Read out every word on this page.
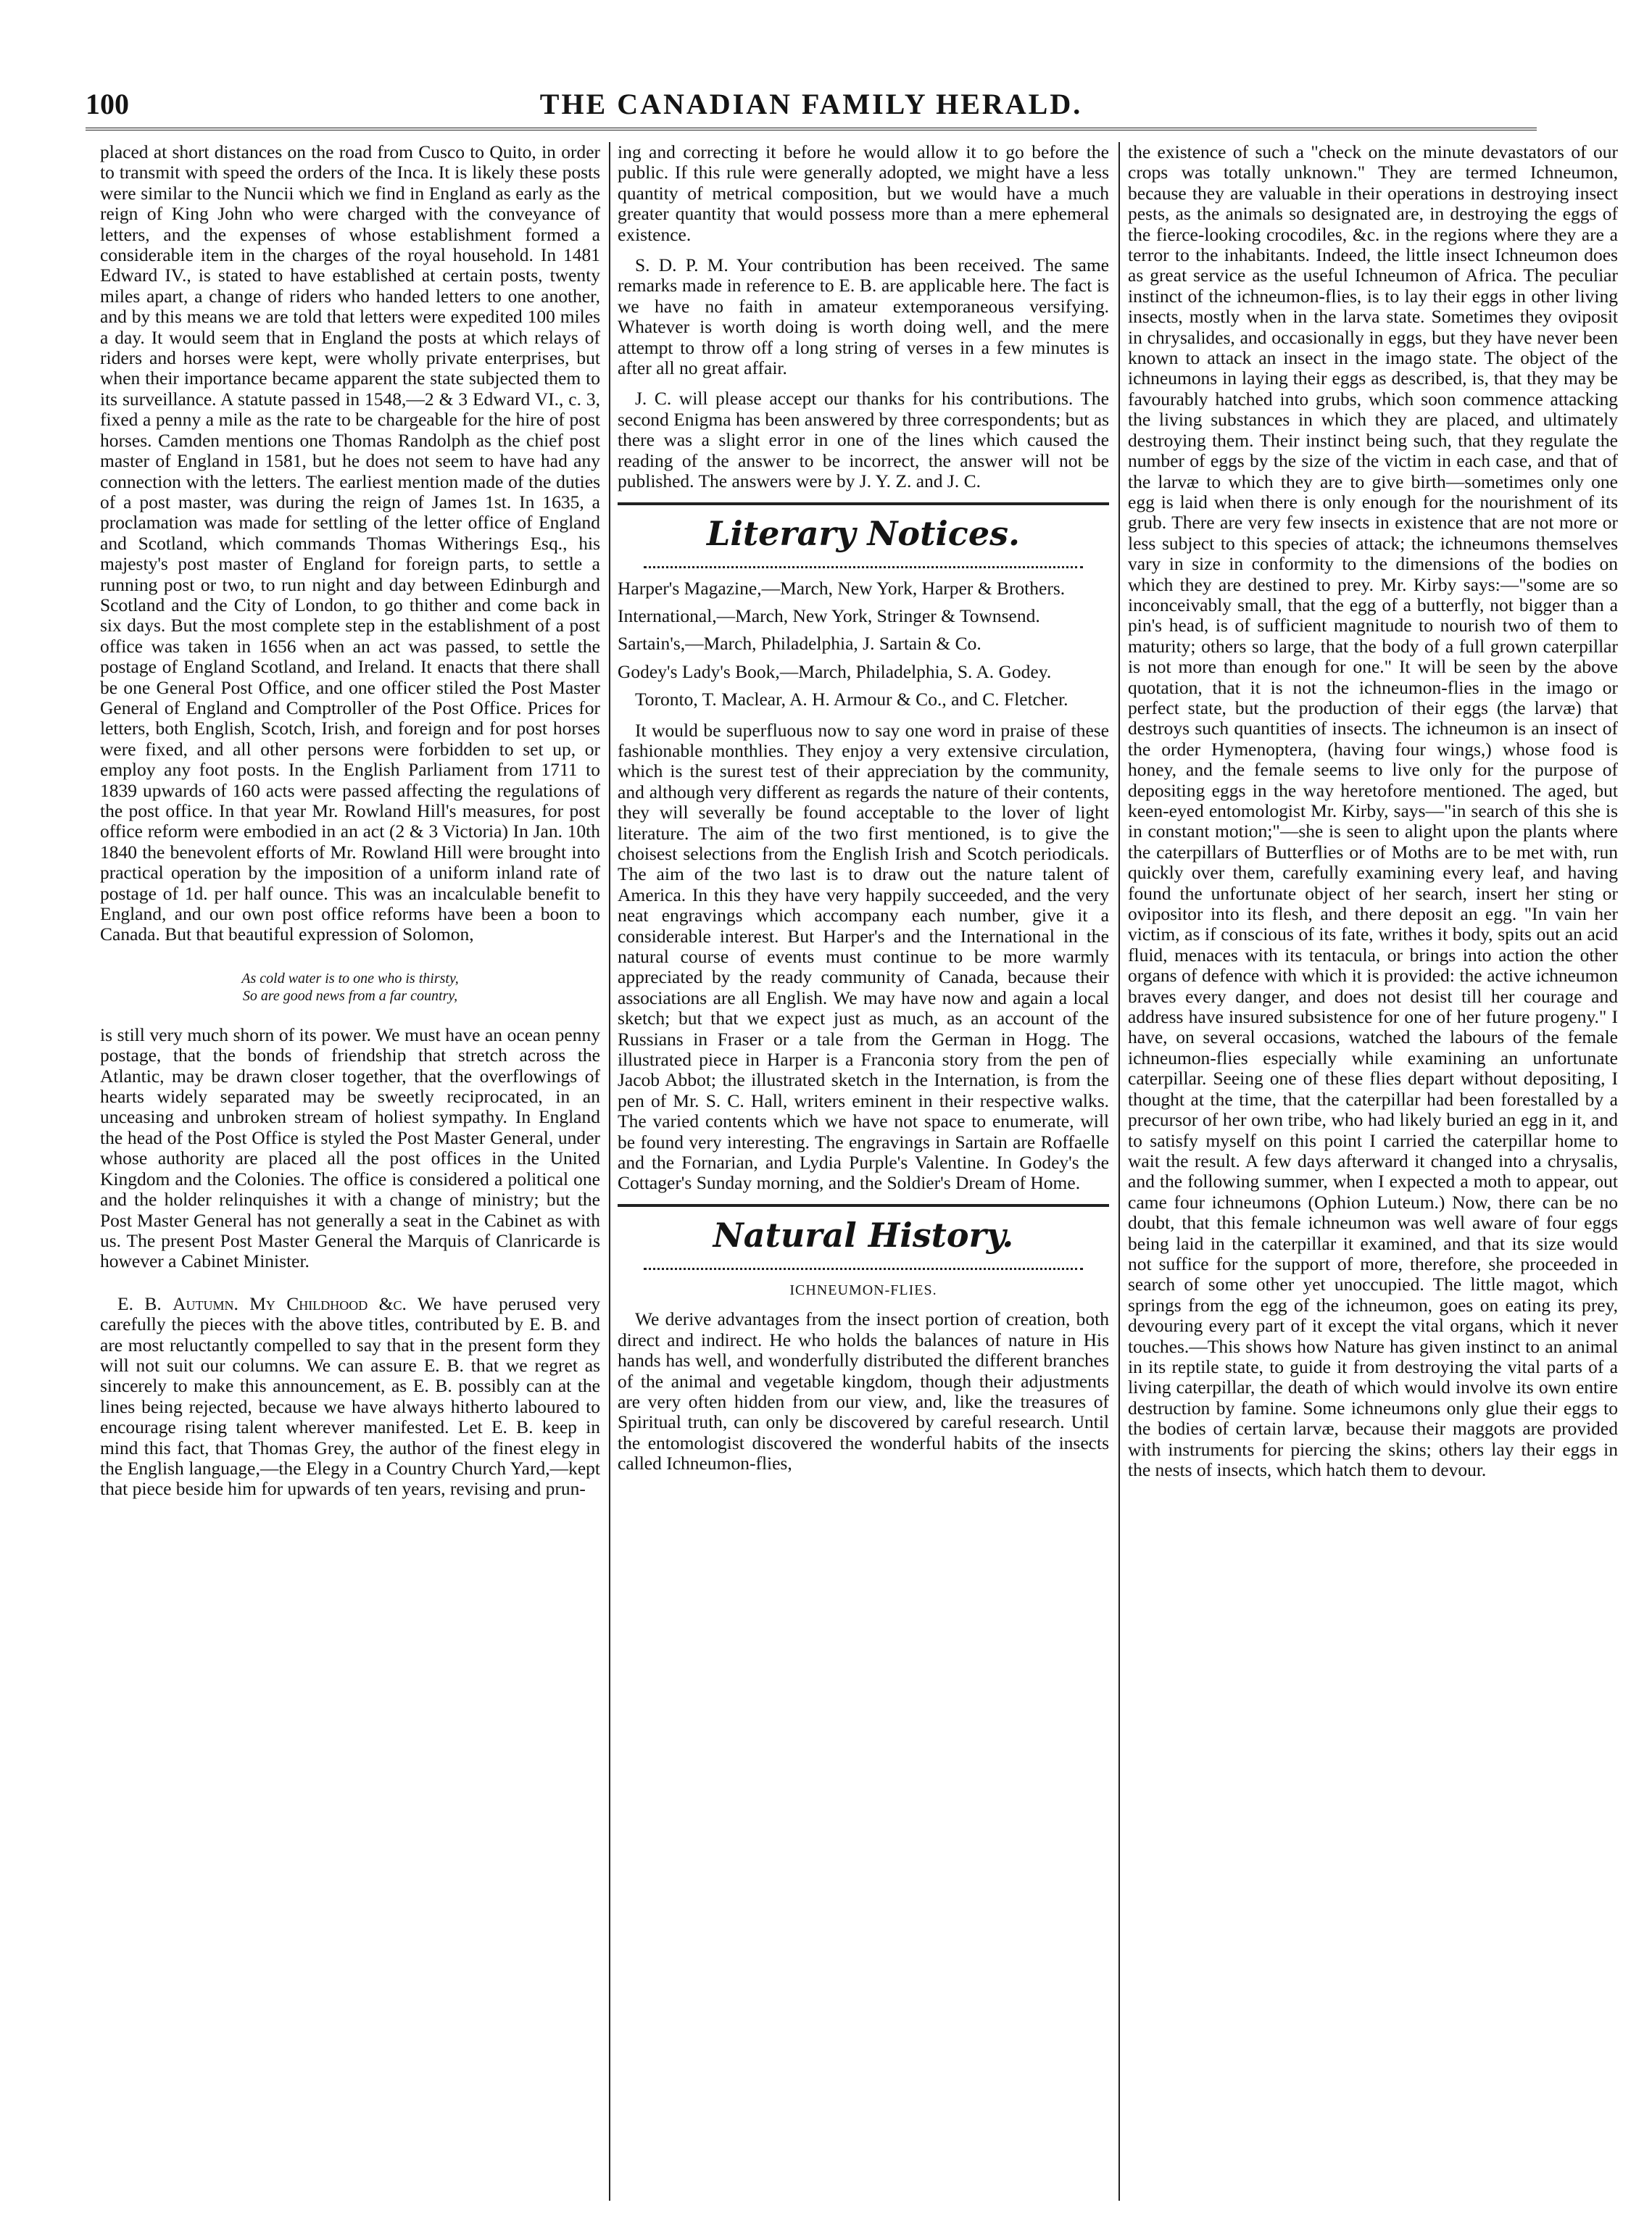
100	THE CANADIAN FAMILY HERALD.

placed at short distances on the road from Cusco to Quito, in order to transmit with speed the orders of the Inca. It is likely these posts were similar to the Nuncii which we find in England as early as the reign of King John who were charged with the conveyance of letters, and the expenses of whose establishment formed a considerable item in the charges of the royal household. In 1481 Edward IV., is stated to have established at certain posts, twenty miles apart, a change of riders who handed letters to one another, and by this means we are told that letters were expedited 100 miles a day. It would seem that in England the posts at which relays of riders and horses were kept, were wholly private enterprises, but when their importance became apparent the state subjected them to its surveillance. A statute passed in 1548,—2 & 3 Edward VI., c. 3, fixed a penny a mile as the rate to be chargeable for the hire of post horses. Camden mentions one Thomas Randolph as the chief post master of England in 1581, but he does not seem to have had any connection with the letters. The earliest mention made of the duties of a post master, was during the reign of James 1st. In 1635, a proclamation was made for settling of the letter office of England and Scotland, which commands Thomas Witherings Esq., his majesty's post master of England for foreign parts, to settle a running post or two, to run night and day between Edinburgh and Scotland and the City of London, to go thither and come back in six days. But the most complete step in the establishment of a post office was taken in 1656 when an act was passed, to settle the postage of England Scotland, and Ireland. It enacts that there shall be one General Post Office, and one officer stiled the Post Master General of England and Comptroller of the Post Office. Prices for letters, both English, Scotch, Irish, and foreign and for post horses were fixed, and all other persons were forbidden to set up, or employ any foot posts. In the English Parliament from 1711 to 1839 upwards of 160 acts were passed affecting the regulations of the post office. In that year Mr. Rowland Hill's measures, for post office reform were embodied in an act (2 & 3 Victoria) In Jan. 10th 1840 the benevolent efforts of Mr. Rowland Hill were brought into practical operation by the imposition of a uniform inland rate of postage of 1d. per half ounce. This was an incalculable benefit to England, and our own post office reforms have been a boon to Canada. But that beautiful expression of Solomon,

As cold water is to one who is thirsty,
So are good news from a far country,

is still very much shorn of its power. We must have an ocean penny postage, that the bonds of friendship that stretch across the Atlantic, may be drawn closer together, that the overflowings of hearts widely separated may be sweetly reciprocated, in an unceasing and unbroken stream of holiest sympathy. In England the head of the Post Office is styled the Post Master General, under whose authority are placed all the post offices in the United Kingdom and the Colonies. The office is considered a political one and the holder relinquishes it with a change of ministry; but the Post Master General has not generally a seat in the Cabinet as with us. The present Post Master General the Marquis of Clanricarde is however a Cabinet Minister.

E. B. Autumn. My Childhood &c. We have perused very carefully the pieces with the above titles, contributed by E. B. and are most reluctantly compelled to say that in the present form they will not suit our columns. We can assure E. B. that we regret as sincerely to make this announcement, as E. B. possibly can at the lines being rejected, because we have always hitherto laboured to encourage rising talent wherever manifested. Let E. B. keep in mind this fact, that Thomas Grey, the author of the finest elegy in the English language,—the Elegy in a Country Church Yard,—kept that piece beside him for upwards of ten years, revising and prun-

ing and correcting it before he would allow it to go before the public. If this rule were generally adopted, we might have a less quantity of metrical composition, but we would have a much greater quantity that would possess more than a mere ephemeral existence.

S. D. P. M. Your contribution has been received. The same remarks made in reference to E. B. are applicable here. The fact is we have no faith in amateur extemporaneous versifying. Whatever is worth doing is worth doing well, and the mere attempt to throw off a long string of verses in a few minutes is after all no great affair.

J. C. will please accept our thanks for his contributions. The second Enigma has been answered by three correspondents; but as there was a slight error in one of the lines which caused the reading of the answer to be incorrect, the answer will not be published. The answers were by J. Y. Z. and J. C.

Literary Notices.
Harper's Magazine,—March, New York, Harper & Brothers.
International,—March, New York, Stringer & Townsend.
Sartain's,—March, Philadelphia, J. Sartain & Co.
Godey's Lady's Book,—March, Philadelphia, S. A. Godey.

Toronto, T. Maclear, A. H. Armour & Co., and C. Fletcher.

It would be superfluous now to say one word in praise of these fashionable monthlies. They enjoy a very extensive circulation, which is the surest test of their appreciation by the community, and although very different as regards the nature of their contents, they will severally be found acceptable to the lover of light literature. The aim of the two first mentioned, is to give the choisest selections from the English Irish and Scotch periodicals. The aim of the two last is to draw out the nature talent of America. In this they have very happily succeeded, and the very neat engravings which accompany each number, give it a considerable interest. But Harper's and the International in the natural course of events must continue to be more warmly appreciated by the ready community of Canada, because their associations are all English. We may have now and again a local sketch; but that we expect just as much, as an account of the Russians in Fraser or a tale from the German in Hogg. The illustrated piece in Harper is a Franconia story from the pen of Jacob Abbot; the illustrated sketch in the Internation, is from the pen of Mr. S. C. Hall, writers eminent in their respective walks. The varied contents which we have not space to enumerate, will be found very interesting. The engravings in Sartain are Roffaelle and the Fornarian, and Lydia Purple's Valentine. In Godey's the Cottager's Sunday morning, and the Soldier's Dream of Home.

Natural History.
ICHNEUMON-FLIES.

We derive advantages from the insect portion of creation, both direct and indirect. He who holds the balances of nature in His hands has well, and wonderfully distributed the different branches of the animal and vegetable kingdom, though their adjustments are very often hidden from our view, and, like the treasures of Spiritual truth, can only be discovered by careful research. Until the entomologist discovered the wonderful habits of the insects called Ichneumon-flies,

the existence of such a "check on the minute devastators of our crops was totally unknown." They are termed Ichneumon, because they are valuable in their operations in destroying insect pests, as the animals so designated are, in destroying the eggs of the fierce-looking crocodiles, &c. in the regions where they are a terror to the inhabitants. Indeed, the little insect Ichneumon does as great service as the useful Ichneumon of Africa. The peculiar instinct of the ichneumon-flies, is to lay their eggs in other living insects, mostly when in the larva state. Sometimes they oviposit in chrysalides, and occasionally in eggs, but they have never been known to attack an insect in the imago state. The object of the ichneumons in laying their eggs as described, is, that they may be favourably hatched into grubs, which soon commence attacking the living substances in which they are placed, and ultimately destroying them. Their instinct being such, that they regulate the number of eggs by the size of the victim in each case, and that of the larvæ to which they are to give birth—sometimes only one egg is laid when there is only enough for the nourishment of its grub. There are very few insects in existence that are not more or less subject to this species of attack; the ichneumons themselves vary in size in conformity to the dimensions of the bodies on which they are destined to prey. Mr. Kirby says:—"some are so inconceivably small, that the egg of a butterfly, not bigger than a pin's head, is of sufficient magnitude to nourish two of them to maturity; others so large, that the body of a full grown caterpillar is not more than enough for one." It will be seen by the above quotation, that it is not the ichneumon-flies in the imago or perfect state, but the production of their eggs (the larvæ) that destroys such quantities of insects. The ichneumon is an insect of the order Hymenoptera, (having four wings,) whose food is honey, and the female seems to live only for the purpose of depositing eggs in the way heretofore mentioned. The aged, but keen-eyed entomologist Mr. Kirby, says—"in search of this she is in constant motion;"—she is seen to alight upon the plants where the caterpillars of Butterflies or of Moths are to be met with, run quickly over them, carefully examining every leaf, and having found the unfortunate object of her search, insert her sting or ovipositor into its flesh, and there deposit an egg. "In vain her victim, as if conscious of its fate, writhes it body, spits out an acid fluid, menaces with its tentacula, or brings into action the other organs of defence with which it is provided: the active ichneumon braves every danger, and does not desist till her courage and address have insured subsistence for one of her future progeny." I have, on several occasions, watched the labours of the female ichneumon-flies especially while examining an unfortunate caterpillar. Seeing one of these flies depart without depositing, I thought at the time, that the caterpillar had been forestalled by a precursor of her own tribe, who had likely buried an egg in it, and to satisfy myself on this point I carried the caterpillar home to wait the result. A few days afterward it changed into a chrysalis, and the following summer, when I expected a moth to appear, out came four ichneumons (Ophion Luteum.) Now, there can be no doubt, that this female ichneumon was well aware of four eggs being laid in the caterpillar it examined, and that its size would not suffice for the support of more, therefore, she proceeded in search of some other yet unoccupied. The little magot, which springs from the egg of the ichneumon, goes on eating its prey, devouring every part of it except the vital organs, which it never touches.—This shows how Nature has given instinct to an animal in its reptile state, to guide it from destroying the vital parts of a living caterpillar, the death of which would involve its own entire destruction by famine. Some ichneumons only glue their eggs to the bodies of certain larvæ, because their maggots are provided with instruments for piercing the skins; others lay their eggs in the nests of insects, which hatch them to devour.
